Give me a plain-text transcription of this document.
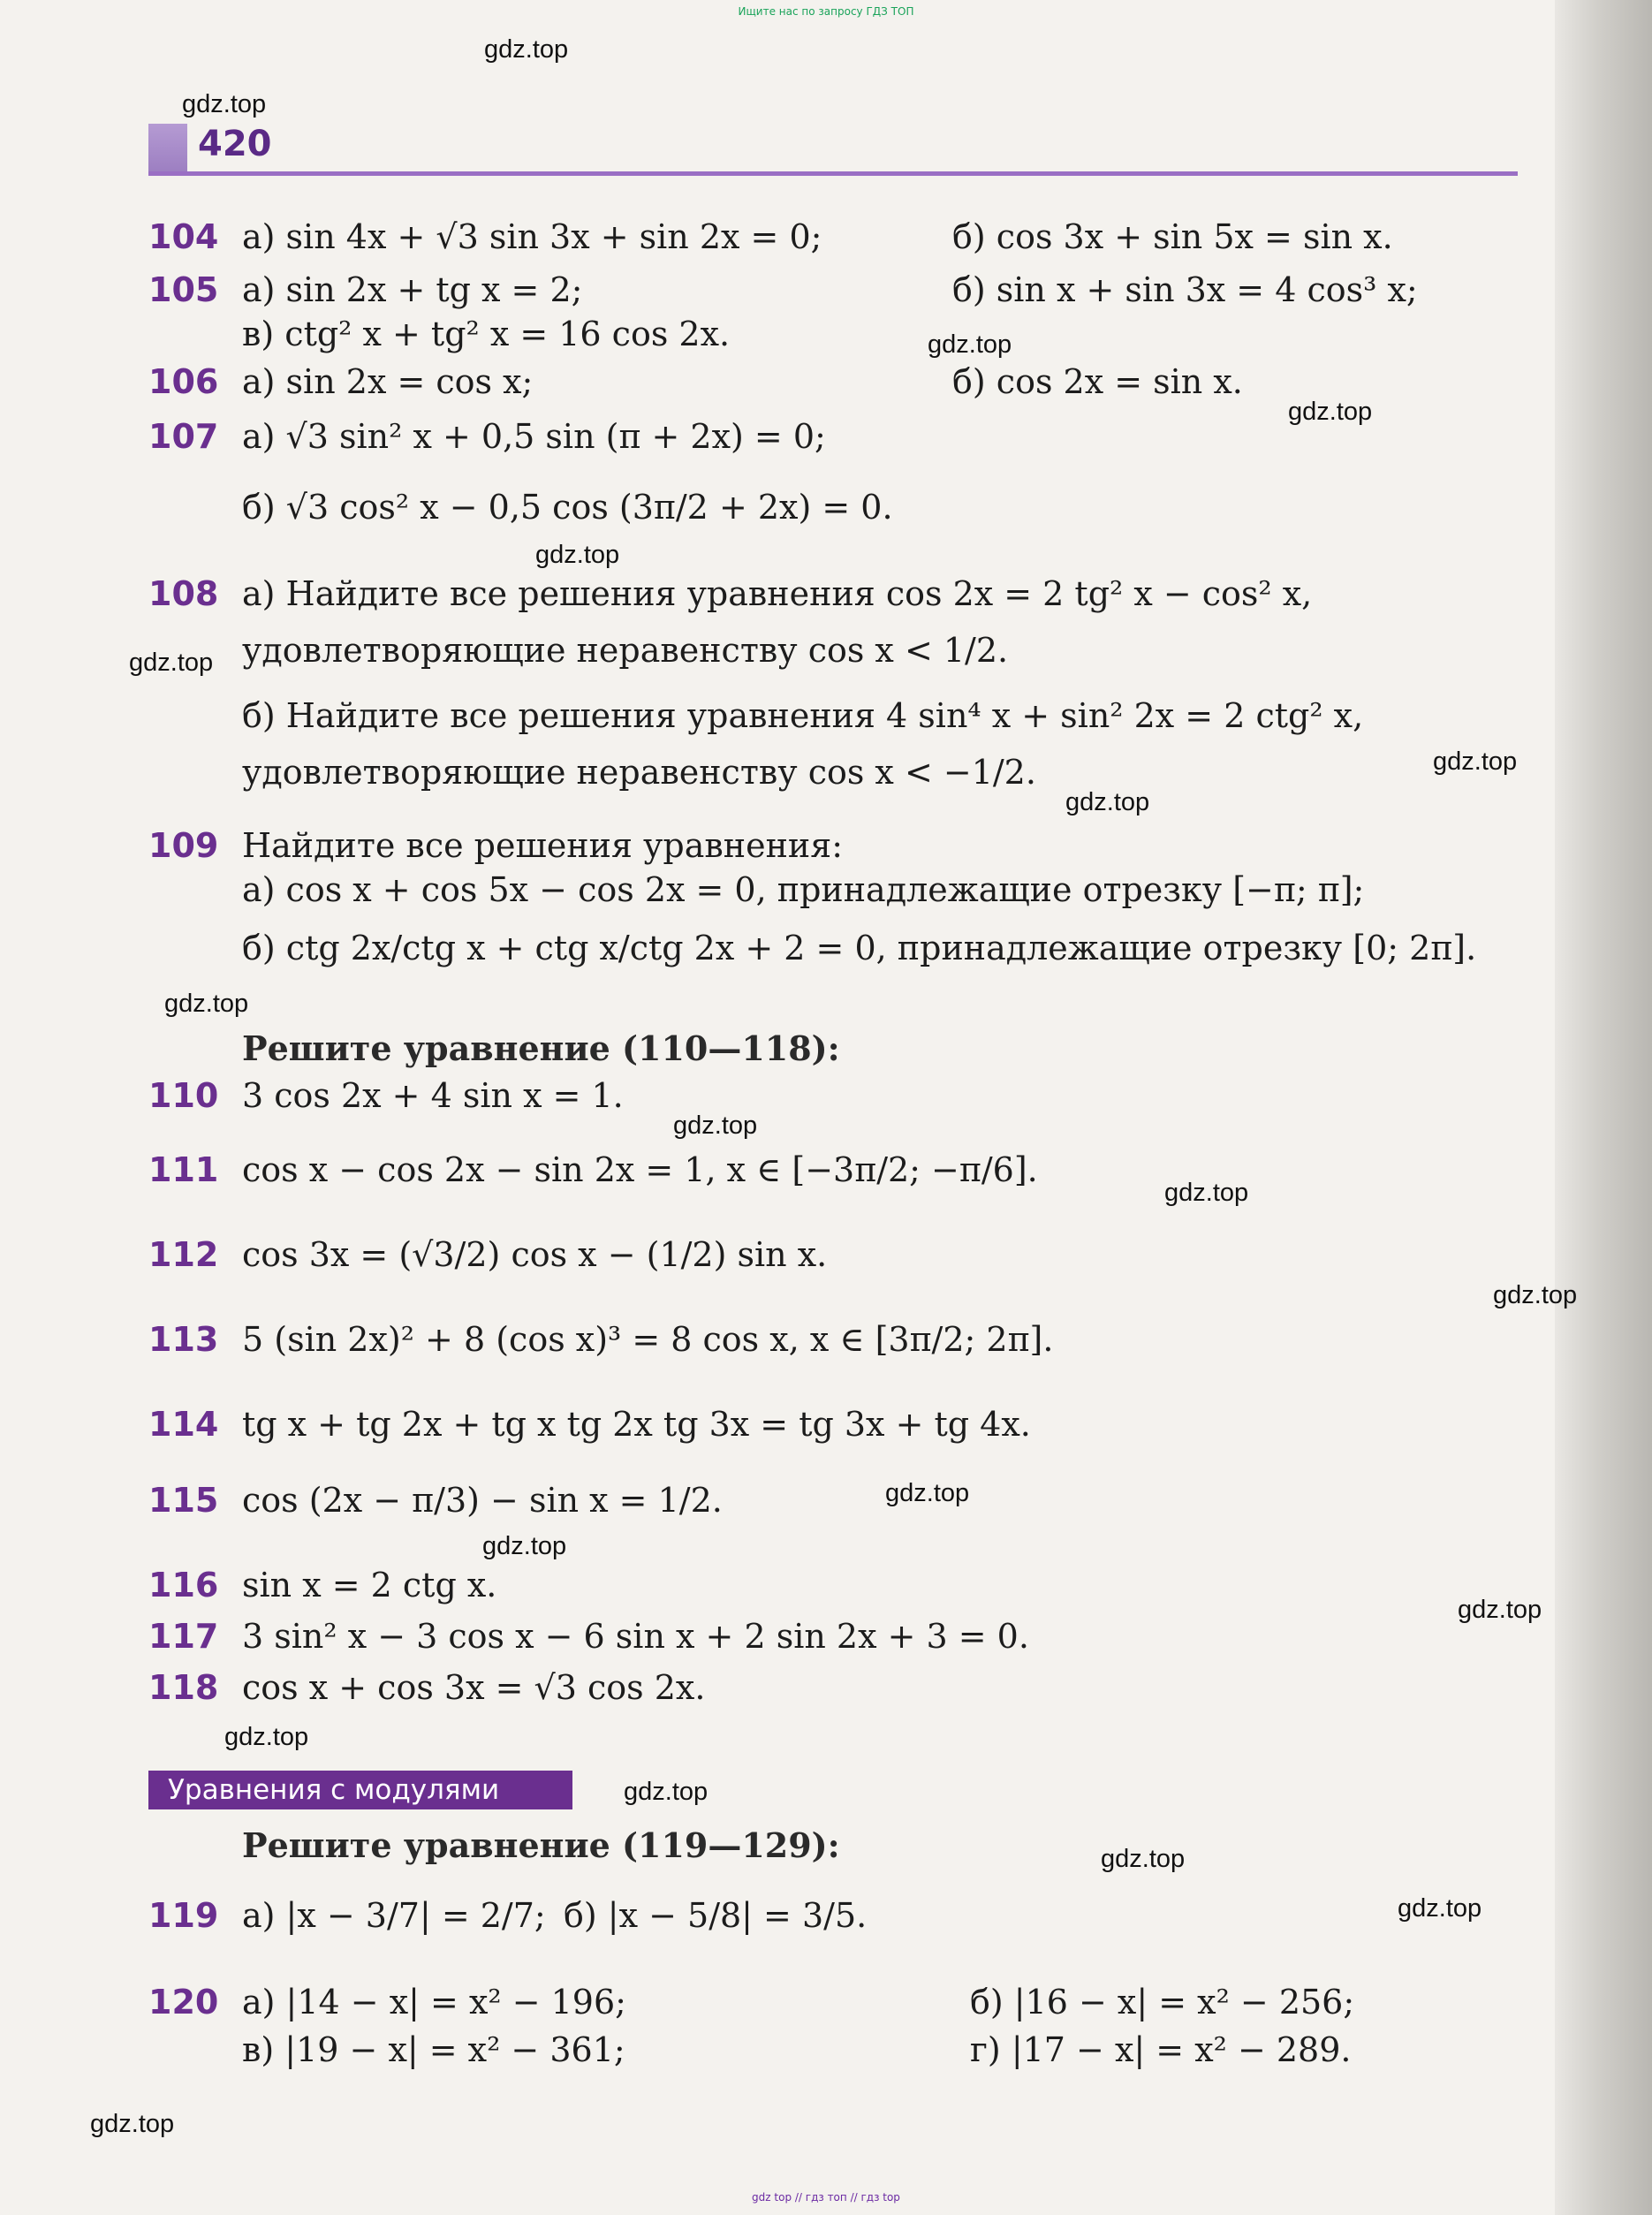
Ищите нас по запросу ГДЗ ТОП
gdz top // гдз топ // гдз top
420
104 а) sin 4x + √3 sin 3x + sin 2x = 0;	б) cos 3x + sin 5x = sin x.
105 а) sin 2x + tg x = 2;	б) sin x + sin 3x = 4 cos³ x;
в) ctg² x + tg² x = 16 cos 2x.
106 а) sin 2x = cos x;	б) cos 2x = sin x.
107 а) √3 sin² x + 0,5 sin (π + 2x) = 0;
б) √3 cos² x − 0,5 cos (3π/2 + 2x) = 0.
108 а) Найдите все решения уравнения cos 2x = 2 tg² x − cos² x,
удовлетворяющие неравенству cos x < 1/2.
б) Найдите все решения уравнения 4 sin⁴ x + sin² 2x = 2 ctg² x,
удовлетворяющие неравенству cos x < −1/2.
109 Найдите все решения уравнения:
а) cos x + cos 5x − cos 2x = 0, принадлежащие отрезку [−π; π];
б) ctg 2x/ctg x + ctg x/ctg 2x + 2 = 0, принадлежащие отрезку [0; 2π].
Решите уравнение (110—118):
110 3 cos 2x + 4 sin x = 1.
111 cos x − cos 2x − sin 2x = 1, x ∈ [−3π/2; −π/6].
112 cos 3x = (√3/2) cos x − (1/2) sin x.
113 5 (sin 2x)² + 8 (cos x)³ = 8 cos x, x ∈ [3π/2; 2π].
114 tg x + tg 2x + tg x tg 2x tg 3x = tg 3x + tg 4x.
115 cos (2x − π/3) − sin x = 1/2.
116 sin x = 2 ctg x.
117 3 sin² x − 3 cos x − 6 sin x + 2 sin 2x + 3 = 0.
118 cos x + cos 3x = √3 cos 2x.
Уравнения с модулями
Решите уравнение (119—129):
119 а) |x − 3/7| = 2/7; б) |x − 5/8| = 3/5.
120 а) |14 − x| = x² − 196;	б) |16 − x| = x² − 256;
в) |19 − x| = x² − 361;	г) |17 − x| = x² − 289.
gdz.top
gdz.top
gdz.top
gdz.top
gdz.top
gdz.top
gdz.top
gdz.top
gdz.top
gdz.top
gdz.top
gdz.top
gdz.top
gdz.top
gdz.top
gdz.top
gdz.top
gdz.top
gdz.top
gdz.top
